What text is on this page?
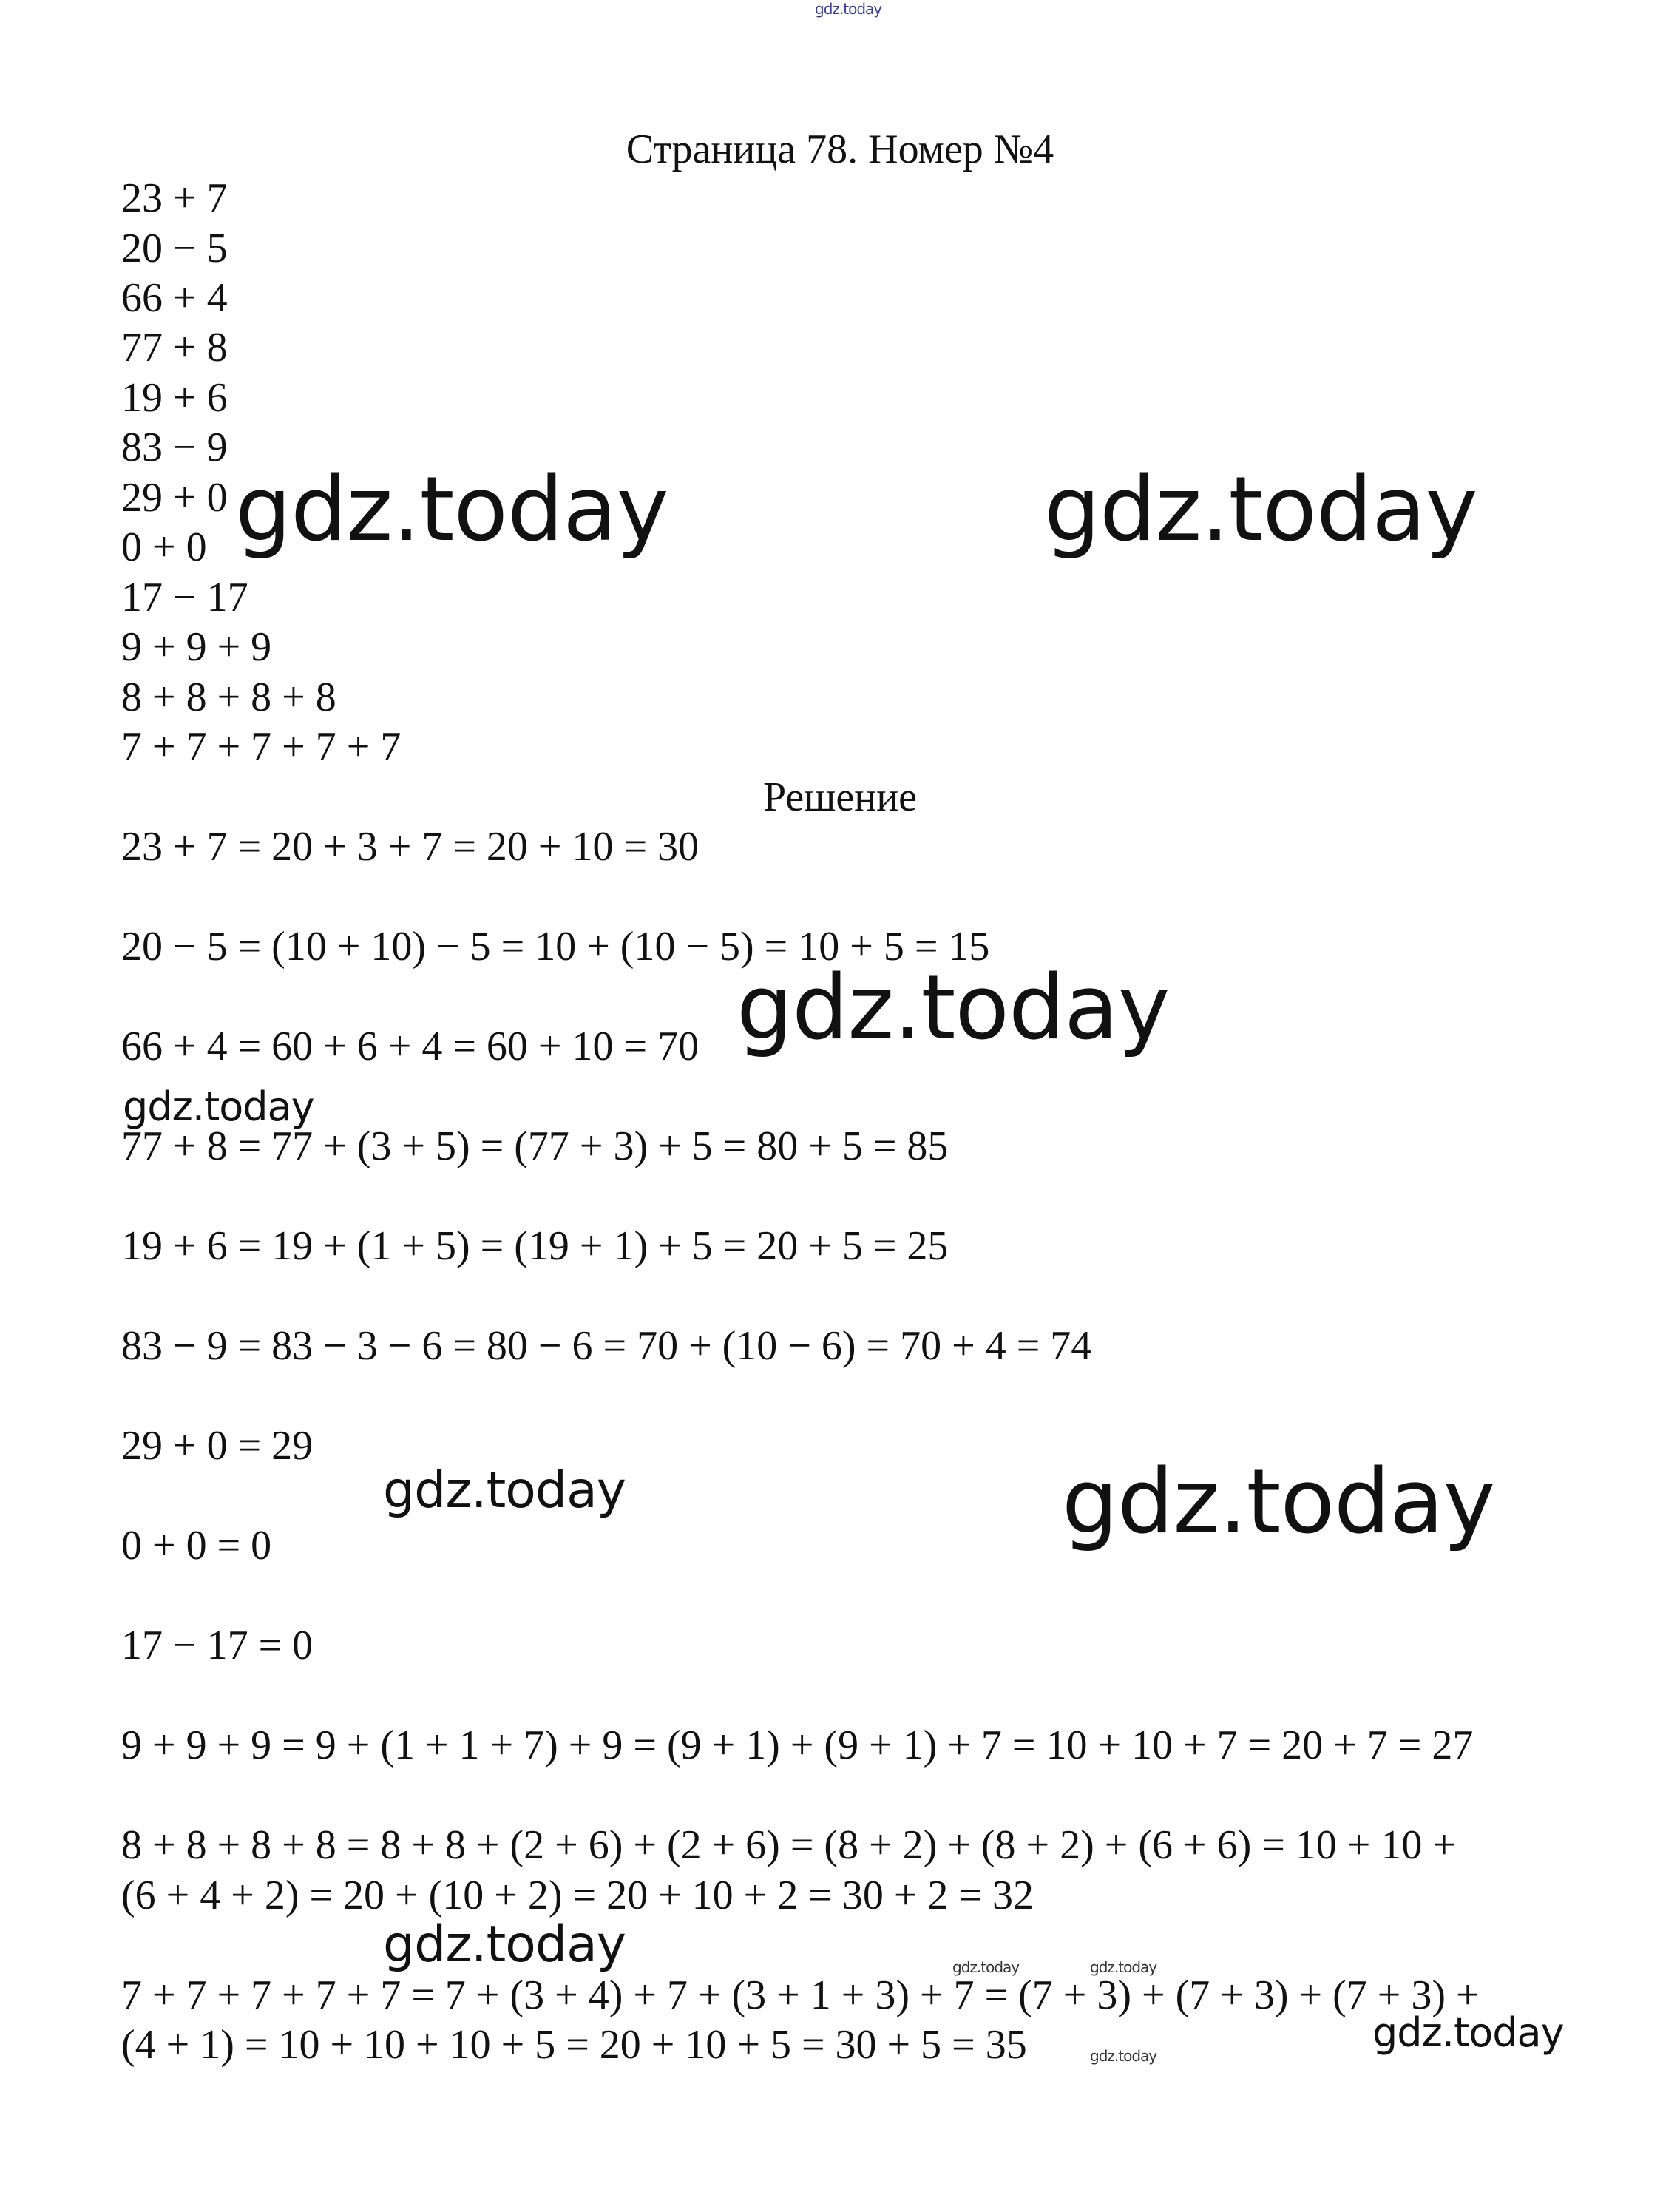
gdz.today
Страница 78. Номер №4
23 + 7
20 − 5
66 + 4
77 + 8
19 + 6
83 − 9
29 + 0
0 + 0
17 − 17
9 + 9 + 9
8 + 8 + 8 + 8
7 + 7 + 7 + 7 + 7
Решение
23 + 7 = 20 + 3 + 7 = 20 + 10 = 30
20 − 5 = (10 + 10) − 5 = 10 + (10 − 5) = 10 + 5 = 15
66 + 4 = 60 + 6 + 4 = 60 + 10 = 70
77 + 8 = 77 + (3 + 5) = (77 + 3) + 5 = 80 + 5 = 85
19 + 6 = 19 + (1 + 5) = (19 + 1) + 5 = 20 + 5 = 25
83 − 9 = 83 − 3 − 6 = 80 − 6 = 70 + (10 − 6) = 70 + 4 = 74
29 + 0 = 29
0 + 0 = 0
17 − 17 = 0
9 + 9 + 9 = 9 + (1 + 1 + 7) + 9 = (9 + 1) + (9 + 1) + 7 = 10 + 10 + 7 = 20 + 7 = 27
8 + 8 + 8 + 8 = 8 + 8 + (2 + 6) + (2 + 6) = (8 + 2) + (8 + 2) + (6 + 6) = 10 + 10 +
(6 + 4 + 2) = 20 + (10 + 2) = 20 + 10 + 2 = 30 + 2 = 32
7 + 7 + 7 + 7 + 7 = 7 + (3 + 4) + 7 + (3 + 1 + 3) + 7 = (7 + 3) + (7 + 3) + (7 + 3) +
(4 + 1) = 10 + 10 + 10 + 5 = 20 + 10 + 5 = 30 + 5 = 35
gdz.today	gdz.today
gdz.today
gdz.today
gdz.today	gdz.today
gdz.today	gdz.today	gdz.today
gdz.today
gdz.today
